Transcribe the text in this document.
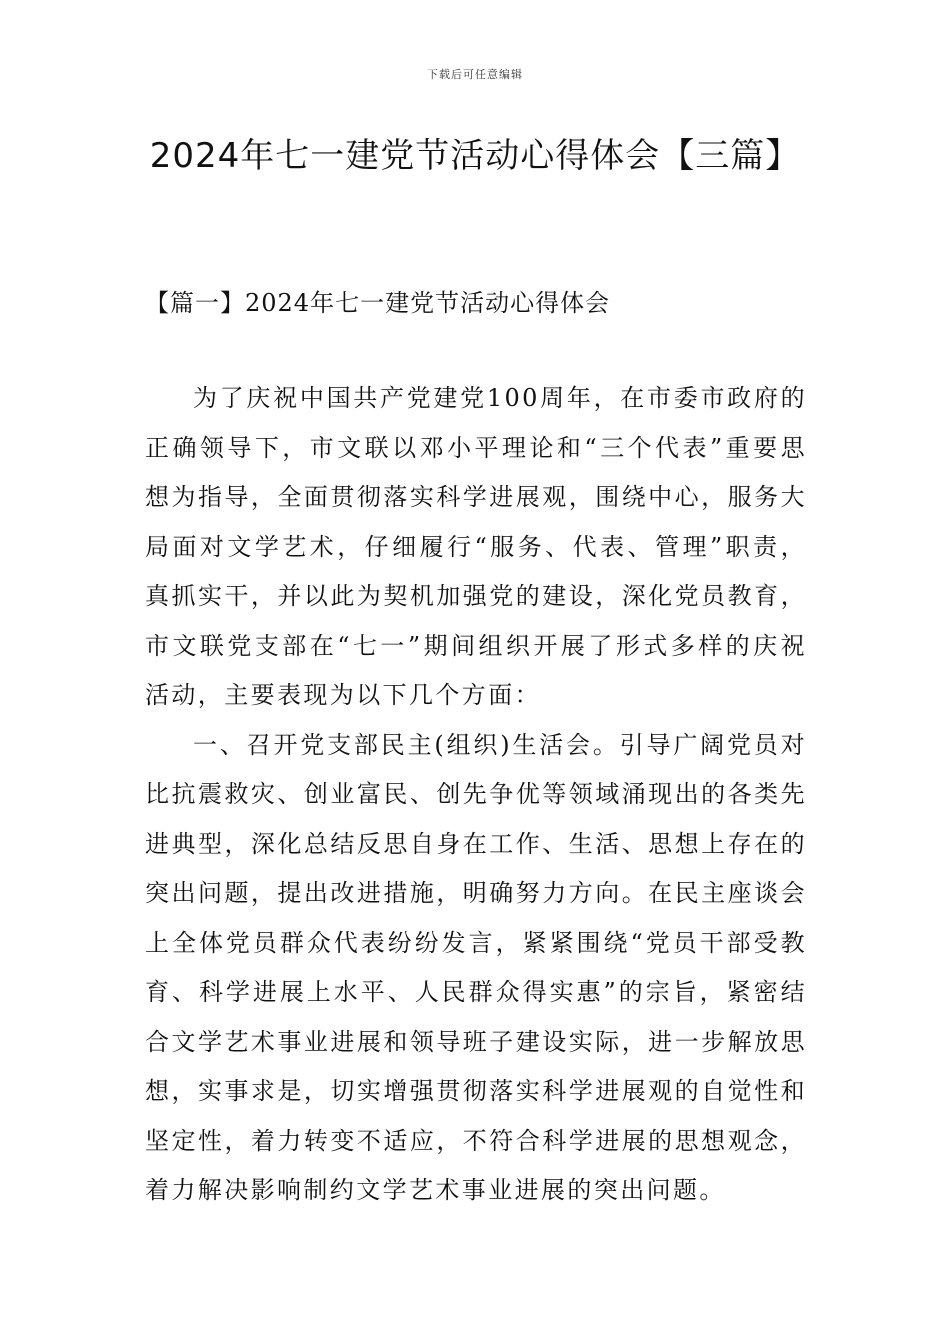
下载后可任意编辑
2024年七一建党节活动心得体会【三篇】
【篇一】2024年七一建党节活动心得体会

为了庆祝中国共产党建党100周年，在市委市政府的正确领导下，市文联以邓小平理论和“三个代表”重要思想为指导，全面贯彻落实科学进展观，围绕中心，服务大局面对文学艺术，仔细履行“服务、代表、管理”职责，真抓实干，并以此为契机加强党的建设，深化党员教育，市文联党支部在“七一”期间组织开展了形式多样的庆祝活动，主要表现为以下几个方面：

一、召开党支部民主(组织)生活会。引导广阔党员对比抗震救灾、创业富民、创先争优等领域涌现出的各类先进典型，深化总结反思自身在工作、生活、思想上存在的突出问题，提出改进措施，明确努力方向。在民主座谈会上全体党员群众代表纷纷发言，紧紧围绕“党员干部受教育、科学进展上水平、人民群众得实惠”的宗旨，紧密结合文学艺术事业进展和领导班子建设实际，进一步解放思想，实事求是，切实增强贯彻落实科学进展观的自觉性和坚定性，着力转变不适应，不符合科学进展的思想观念，着力解决影响制约文学艺术事业进展的突出问题。
